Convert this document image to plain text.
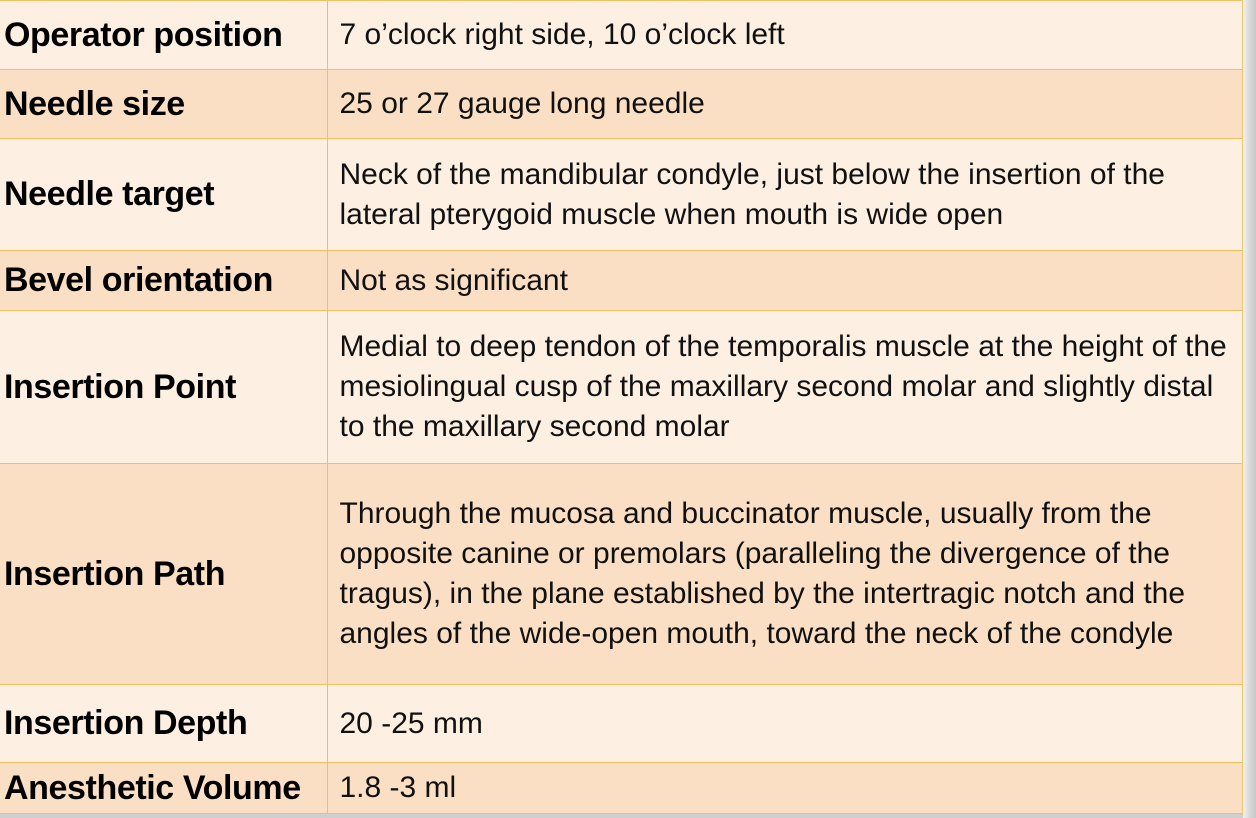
Operator position	7 o’clock right side, 10 o’clock left
Needle size	25 or 27 gauge long needle
Needle target	Neck of the mandibular condyle, just below the insertion of the lateral pterygoid muscle when mouth is wide open
Bevel orientation	Not as significant
Insertion Point	Medial to deep tendon of the temporalis muscle at the height of the mesiolingual cusp of the maxillary second molar and slightly distal to the maxillary second molar
Insertion Path	Through the mucosa and buccinator muscle, usually from the opposite canine or premolars (paralleling the divergence of the tragus), in the plane established by the intertragic notch and the angles of the wide-open mouth, toward the neck of the condyle
Insertion Depth	20 -25 mm
Anesthetic Volume	1.8 -3 ml
